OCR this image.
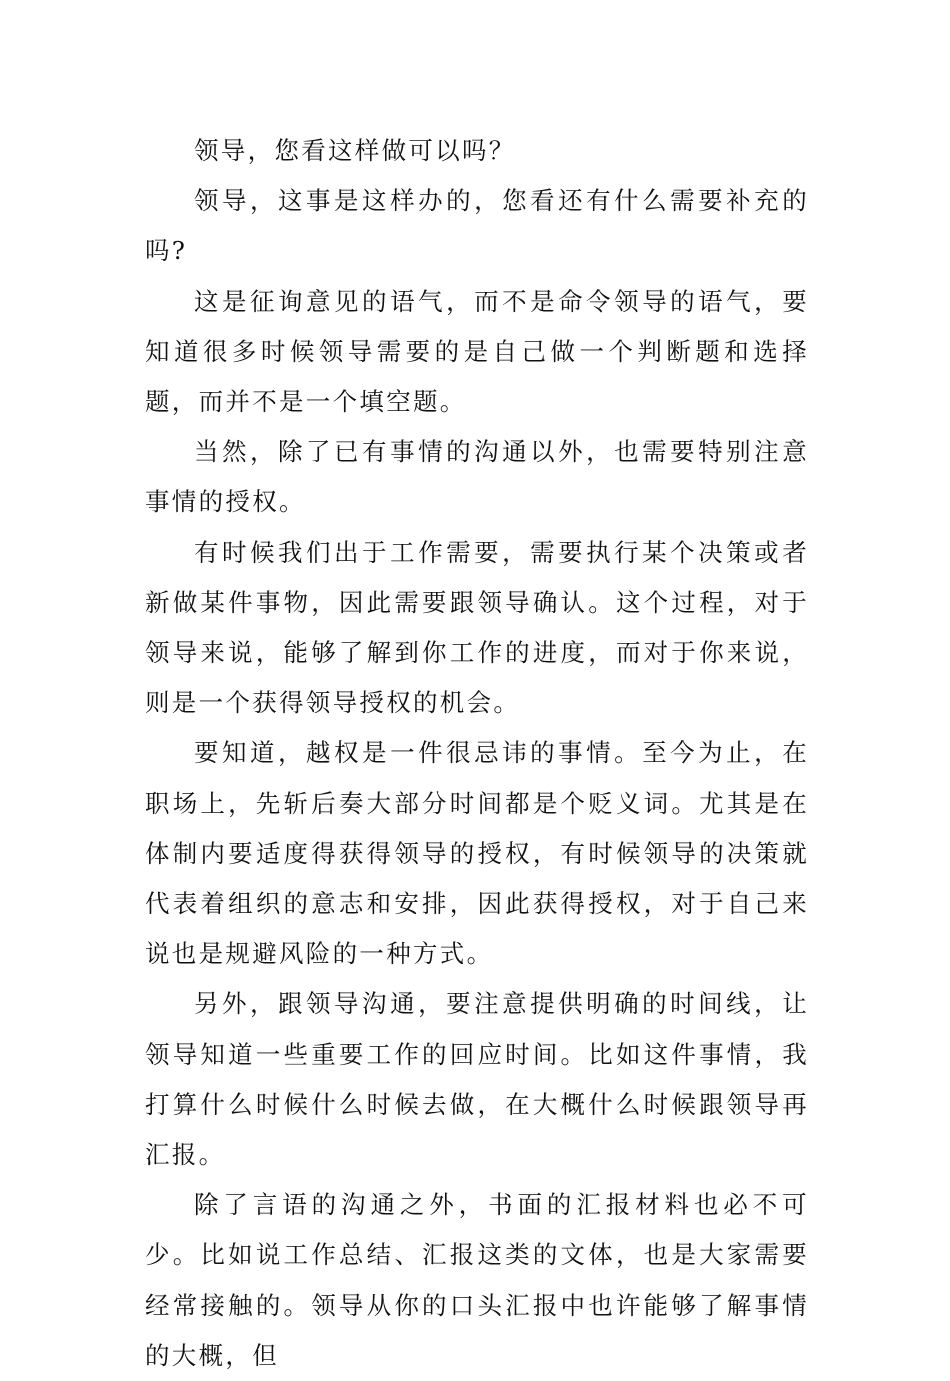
领导，您看这样做可以吗？

领导，这事是这样办的，您看还有什么需要补充的吗?

这是征询意见的语气，而不是命令领导的语气，要知道很多时候领导需要的是自己做一个判断题和选择题，而并不是一个填空题。

当然，除了已有事情的沟通以外，也需要特别注意事情的授权。

有时候我们出于工作需要，需要执行某个决策或者新做某件事物，因此需要跟领导确认。这个过程，对于领导来说，能够了解到你工作的进度，而对于你来说，则是一个获得领导授权的机会。

要知道，越权是一件很忌讳的事情。至今为止，在职场上，先斩后奏大部分时间都是个贬义词。尤其是在体制内要适度得获得领导的授权，有时候领导的决策就代表着组织的意志和安排，因此获得授权，对于自己来说也是规避风险的一种方式。

另外，跟领导沟通，要注意提供明确的时间线，让领导知道一些重要工作的回应时间。比如这件事情，我打算什么时候什么时候去做，在大概什么时候跟领导再汇报。

除了言语的沟通之外，书面的汇报材料也必不可少。比如说工作总结、汇报这类的文体，也是大家需要经常接触的。领导从你的口头汇报中也许能够了解事情的大概，但
